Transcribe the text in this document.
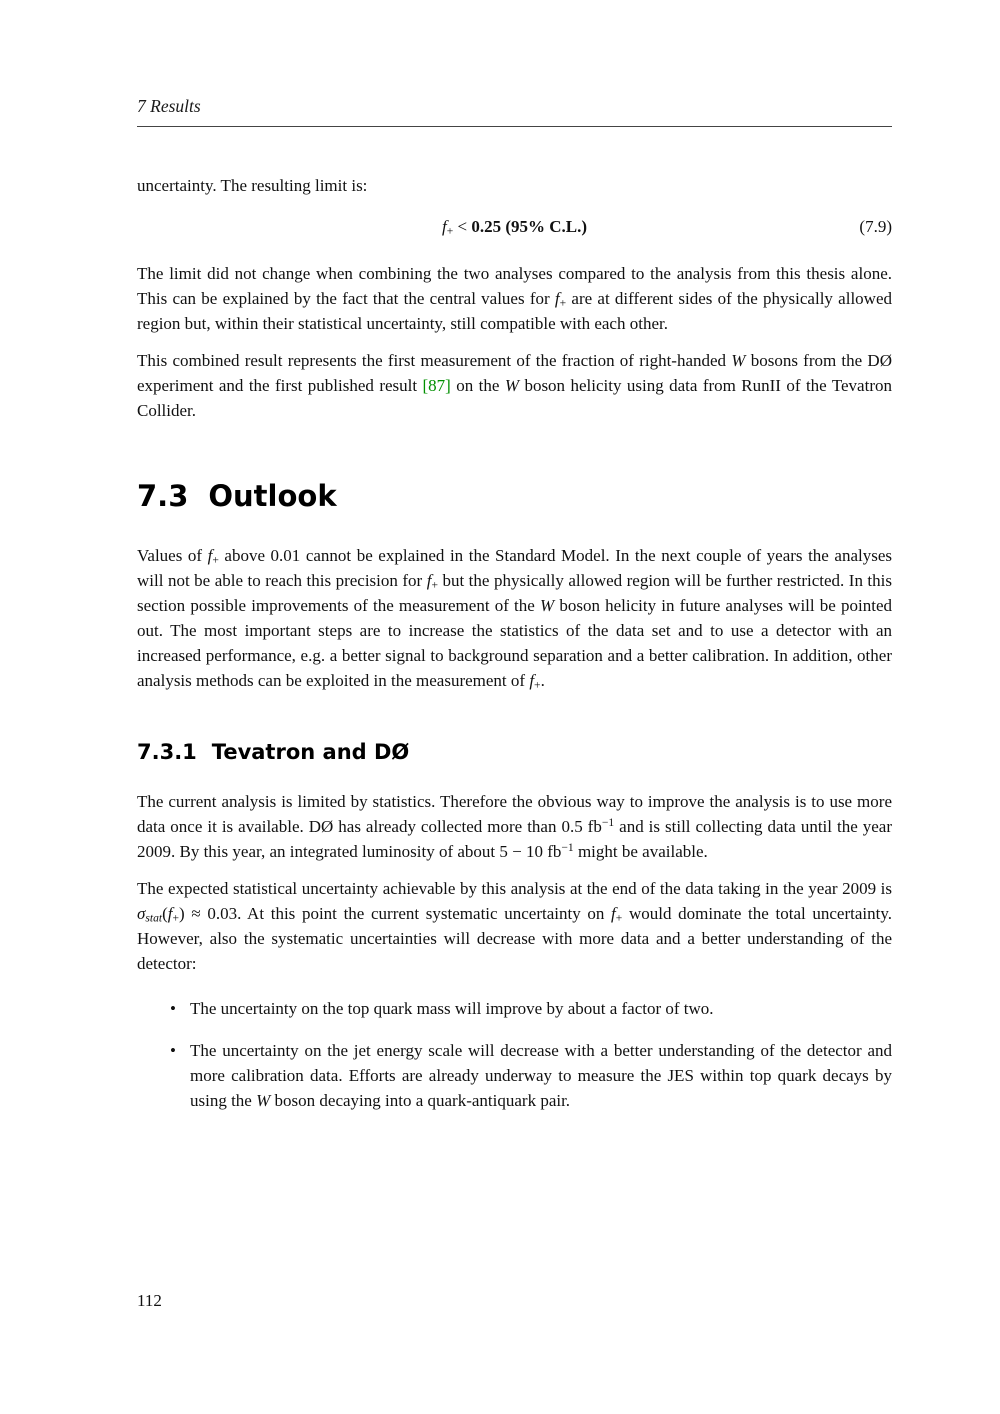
7 Results

uncertainty. The resulting limit is:

f+ < 0.25 (95% C.L.)	(7.9)

The limit did not change when combining the two analyses compared to the analysis from this thesis alone. This can be explained by the fact that the central values for f+ are at different sides of the physically allowed region but, within their statistical uncertainty, still compatible with each other.

This combined result represents the first measurement of the fraction of right-handed W bosons from the DØ experiment and the first published result [87] on the W boson helicity using data from RunII of the Tevatron Collider.

7.3 Outlook

Values of f+ above 0.01 cannot be explained in the Standard Model. In the next couple of years the analyses will not be able to reach this precision for f+ but the physically allowed region will be further restricted. In this section possible improvements of the measurement of the W boson helicity in future analyses will be pointed out. The most important steps are to increase the statistics of the data set and to use a detector with an increased performance, e.g. a better signal to background separation and a better calibration. In addition, other analysis methods can be exploited in the measurement of f+.

7.3.1 Tevatron and DØ

The current analysis is limited by statistics. Therefore the obvious way to improve the analysis is to use more data once it is available. DØ has already collected more than 0.5 $fb^{-1}$ and is still collecting data until the year 2009. By this year, an integrated luminosity of about 5 − 10 $fb^{-1}$ might be available.

The expected statistical uncertainty achievable by this analysis at the end of the data taking in the year 2009 is σstat(f+) ≈ 0.03. At this point the current systematic uncertainty on f+ would dominate the total uncertainty. However, also the systematic uncertainties will decrease with more data and a better understanding of the detector:

• The uncertainty on the top quark mass will improve by about a factor of two.
• The uncertainty on the jet energy scale will decrease with a better understanding of the detector and more calibration data. Efforts are already underway to measure the JES within top quark decays by using the W boson decaying into a quark-antiquark pair.
112
